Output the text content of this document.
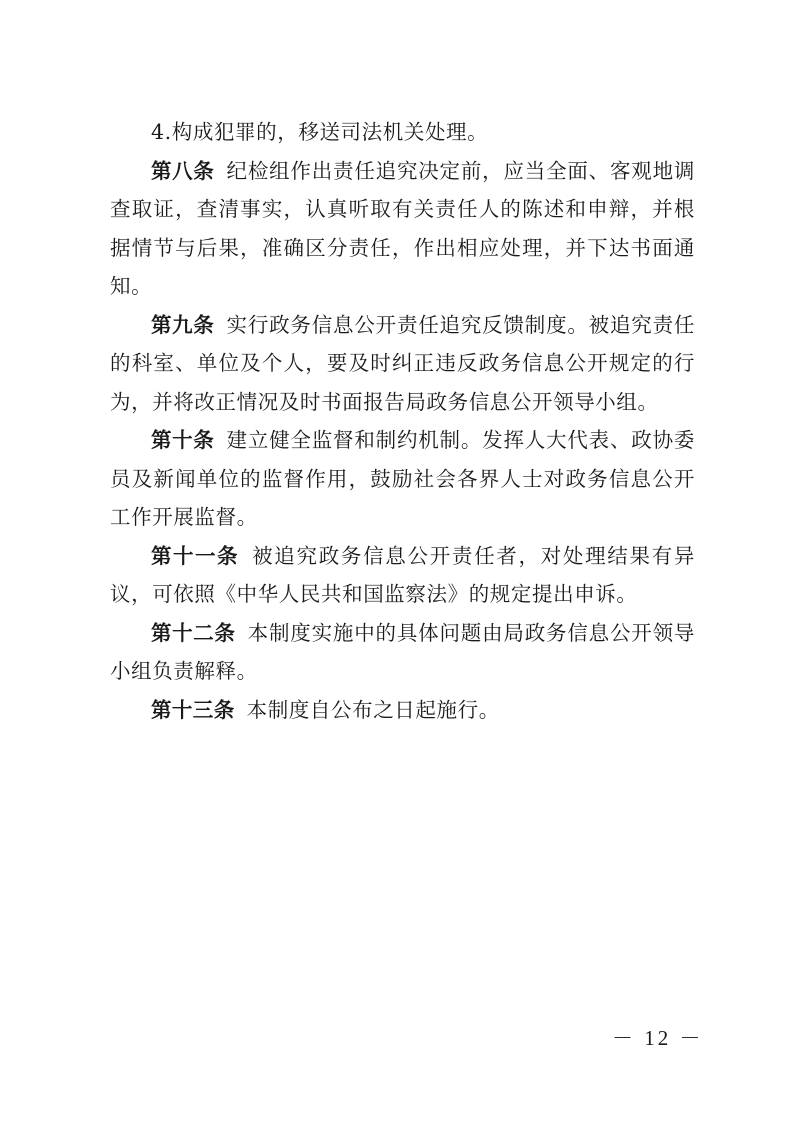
4.构成犯罪的，移送司法机关处理。

第八条 纪检组作出责任追究决定前，应当全面、客观地调查取证，查清事实，认真听取有关责任人的陈述和申辩，并根据情节与后果，准确区分责任，作出相应处理，并下达书面通知。

第九条 实行政务信息公开责任追究反馈制度。被追究责任的科室、单位及个人，要及时纠正违反政务信息公开规定的行为，并将改正情况及时书面报告局政务信息公开领导小组。

第十条 建立健全监督和制约机制。发挥人大代表、政协委员及新闻单位的监督作用，鼓励社会各界人士对政务信息公开工作开展监督。

第十一条 被追究政务信息公开责任者，对处理结果有异议，可依照《中华人民共和国监察法》的规定提出申诉。

第十二条 本制度实施中的具体问题由局政务信息公开领导小组负责解释。

第十三条 本制度自公布之日起施行。

－ 12 －
